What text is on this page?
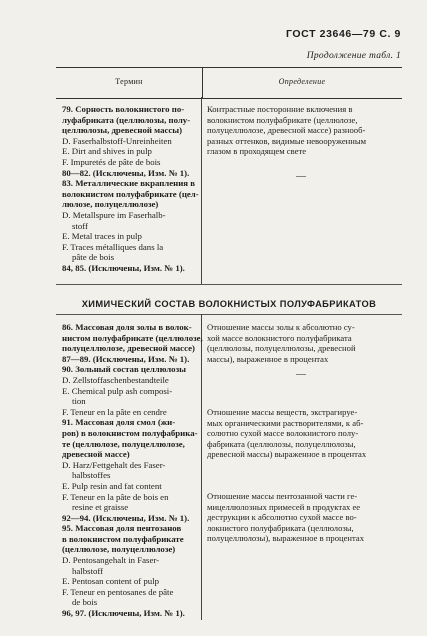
ГОСТ 23646—79 С. 9
Продолжение табл. 1
Термин	Определение
79. Сорность волокнистого по-
луфабриката (целлюлозы, полу-
целлюлозы, древесной массы)
D. Faserhalbstoff-Unreinheiten
E. Dirt and shives in pulp
F. Impuretés de pâte de bois
80—82. (Исключены, Изм. № 1).
83. Металлические вкрапления в
волокнистом полуфабрикате (цел-
люлозе, полуцеллюлозе)
D. Metallspure im Faserhalb-
stoff
E. Metal traces in pulp
F. Traces métalliques dans la
pâte de bois
84, 85. (Исключены, Изм. № 1).
Контрастные посторонние включения в
волокнистом полуфабрикате (целлюлозе,
полуцеллюлозе, древесной массе) разнооб-
разных оттенков, видимые невооруженным
глазом в проходящем свете
—
ХИМИЧЕСКИЙ СОСТАВ ВОЛОКНИСТЫХ ПОЛУФАБРИКАТОВ
86. Массовая доля золы в волок-
нистом полуфабрикате (целлюлозе,
полуцеллюлозе, древесной массе)
87—89. (Исключены, Изм. № 1).
90. Зольный состав целлюлозы
D. Zellstoffaschenbestandteile
E. Chemical pulp ash composi-
tion
F. Teneur en la pâte en cendre
91. Массовая доля смол (жи-
ров) в волокнистом полуфабрика-
те (целлюлозе, полуцеллюлозе,
древесной массе)
D. Harz/Fettgehalt des Faser-
halbstoffes
E. Pulp resin and fat content
F. Teneur en la pâte de bois en
resine et graisse
92—94. (Исключены, Изм. № 1).
95. Массовая доля пентозанов
в волокнистом полуфабрикате
(целлюлозе, полуцеллюлозе)
D. Pentosangehalt in Faser-
halbstoff
E. Pentosan content of pulp
F. Teneur en pentosanes de pâte
de bois
96, 97. (Исключены, Изм. № 1).
Отношение массы золы к абсолютно су-
хой массе волокнистого полуфабриката
(целлюлозы, полуцеллюлозы, древесной
массы), выраженное в процентах
—
Отношение массы веществ, экстрагируе-
мых органическими растворителями, к аб-
солютно сухой массе волокнистого полу-
фабриката (целлюлозы, полуцеллюлозы,
древесной массы) выраженное в процентах
Отношение массы пентозанной части ге-
мицеллюлозных примесей в продуктах ее
деструкции к абсолютно сухой массе во-
локнистого полуфабриката (целлюлозы,
полуцеллюлозы), выраженное в процентах
